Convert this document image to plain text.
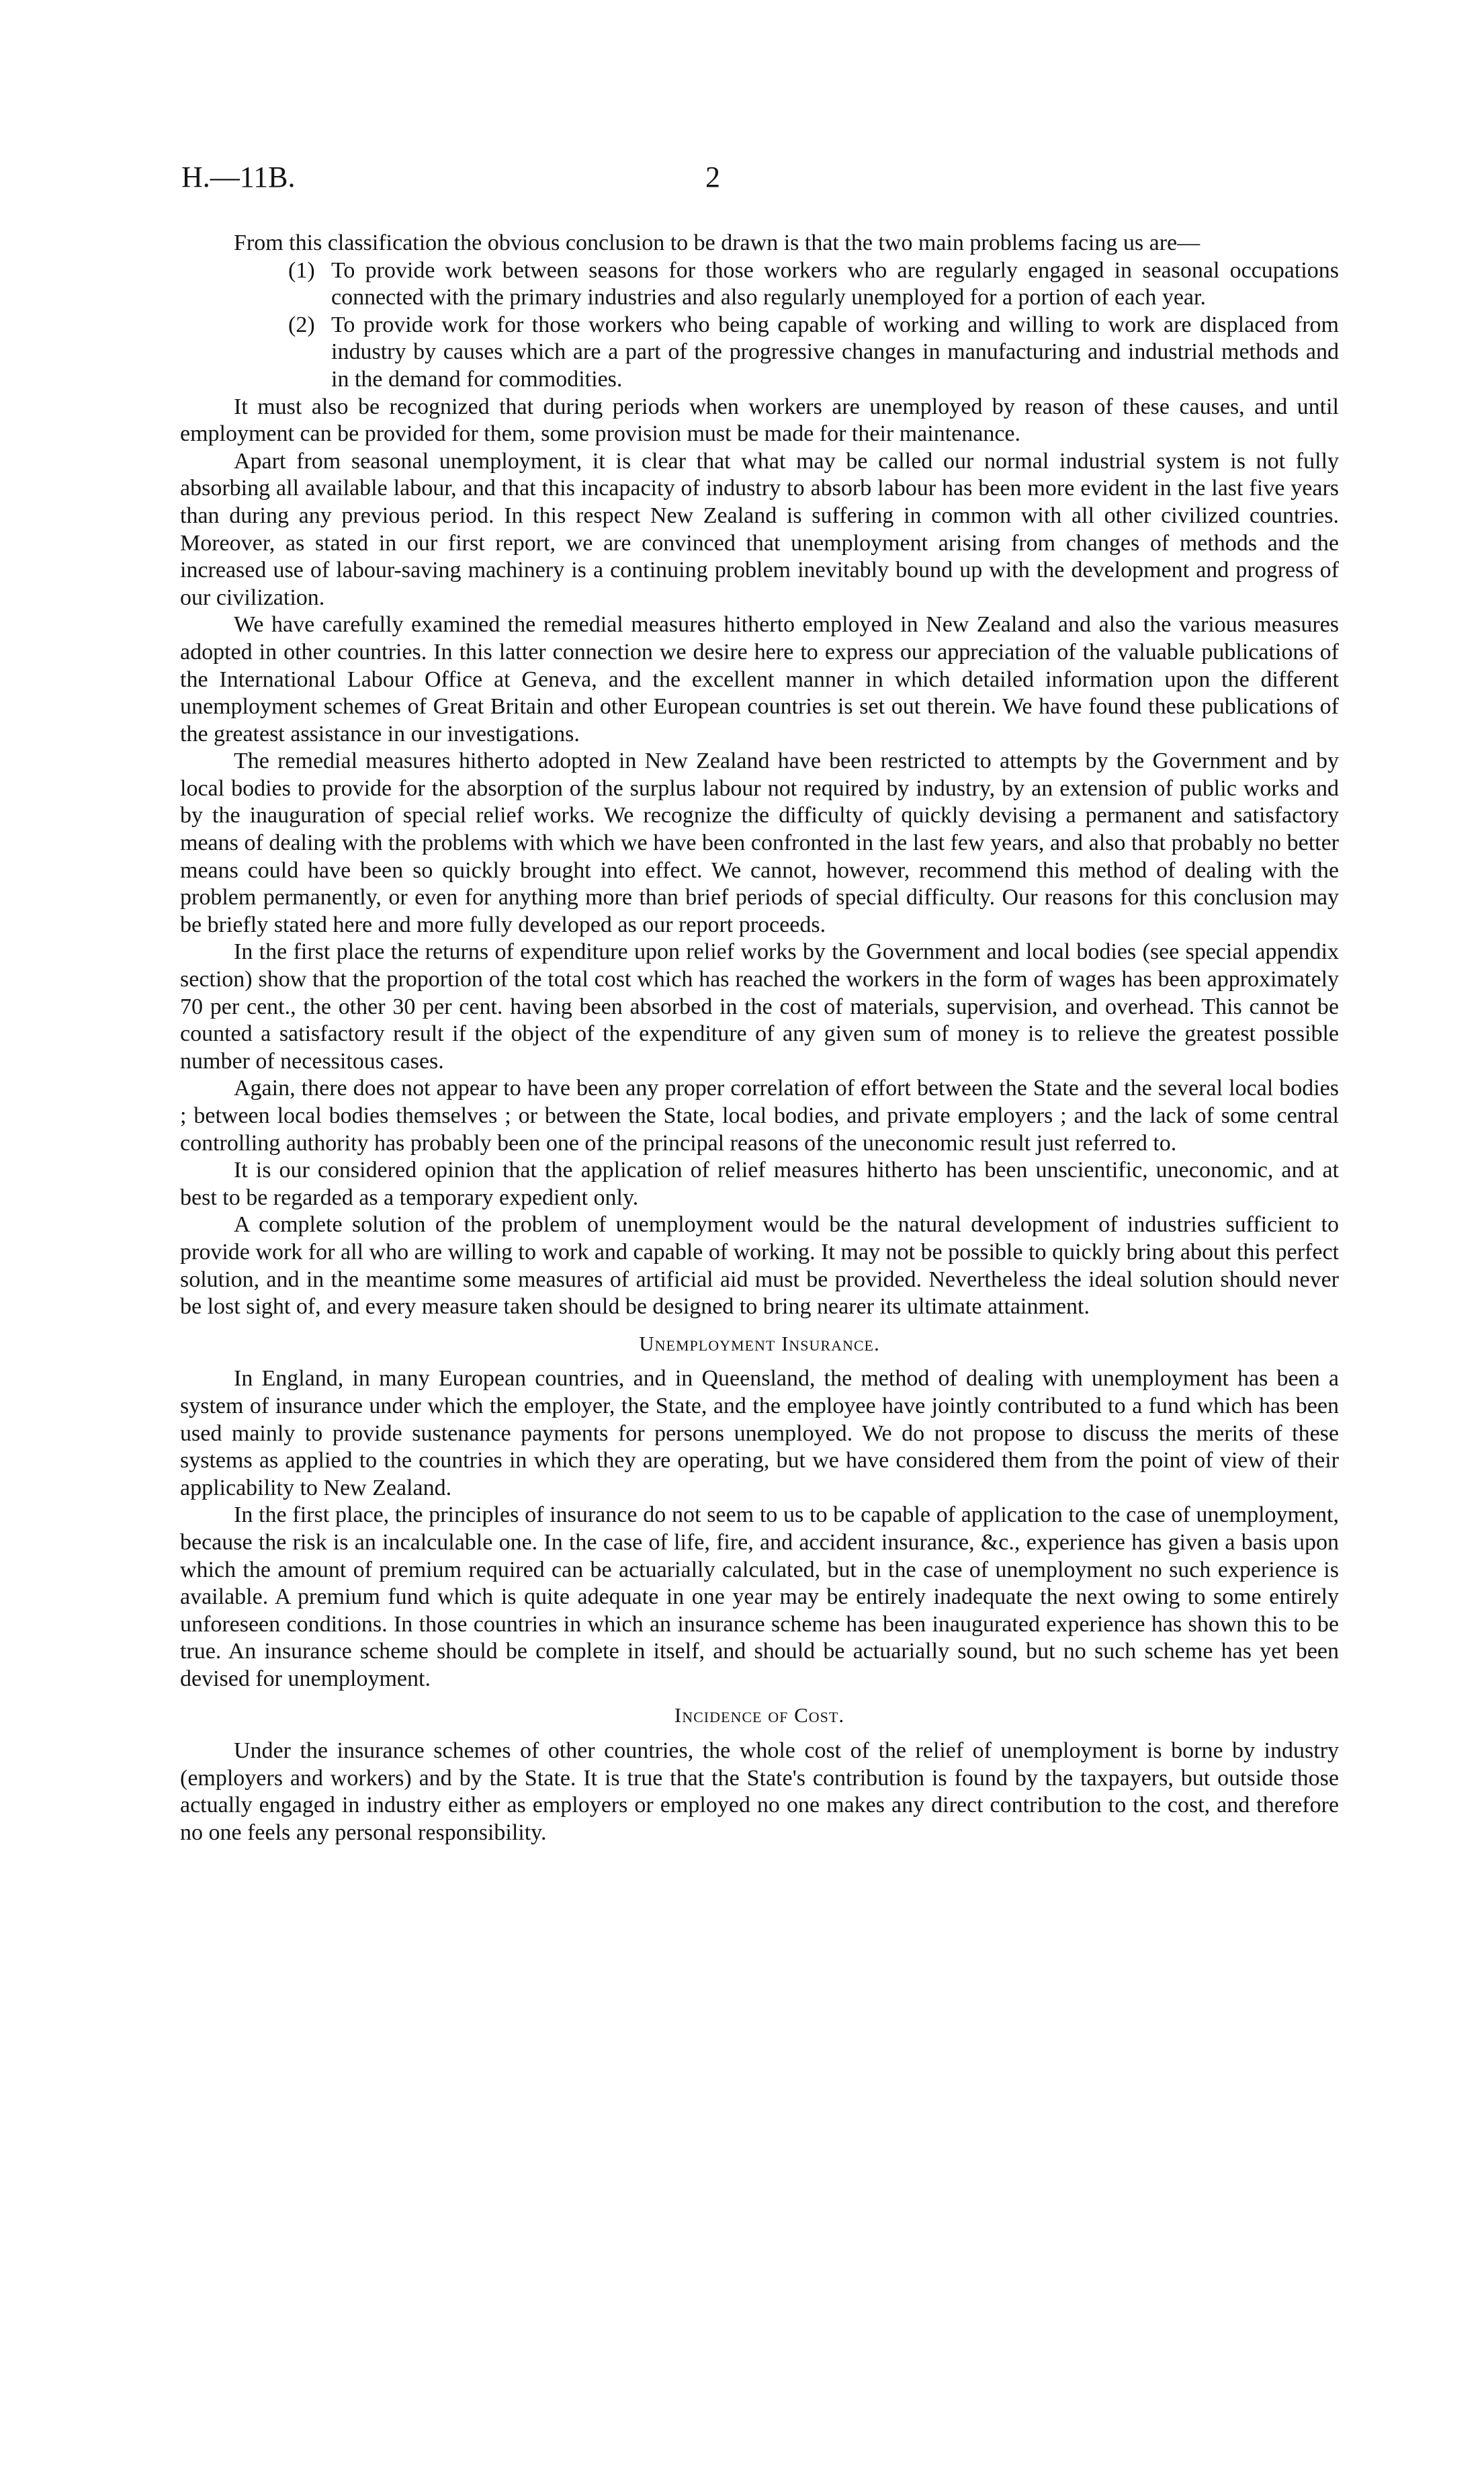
H.—11B.	2

From this classification the obvious conclusion to be drawn is that the two main problems facing us are—

(1) To provide work between seasons for those workers who are regularly engaged in seasonal occupations connected with the primary industries and also regularly unemployed for a portion of each year.

(2) To provide work for those workers who being capable of working and willing to work are displaced from industry by causes which are a part of the progressive changes in manufacturing and industrial methods and in the demand for commodities.

It must also be recognized that during periods when workers are unemployed by reason of these causes, and until employment can be provided for them, some provision must be made for their maintenance.

Apart from seasonal unemployment, it is clear that what may be called our normal industrial system is not fully absorbing all available labour, and that this incapacity of industry to absorb labour has been more evident in the last five years than during any previous period. In this respect New Zealand is suffering in common with all other civilized countries. Moreover, as stated in our first report, we are convinced that unemployment arising from changes of methods and the increased use of labour-saving machinery is a continuing problem inevitably bound up with the development and progress of our civilization.

We have carefully examined the remedial measures hitherto employed in New Zealand and also the various measures adopted in other countries. In this latter connection we desire here to express our appreciation of the valuable publications of the International Labour Office at Geneva, and the excellent manner in which detailed information upon the different unemployment schemes of Great Britain and other European countries is set out therein. We have found these publications of the greatest assistance in our investigations.

The remedial measures hitherto adopted in New Zealand have been restricted to attempts by the Government and by local bodies to provide for the absorption of the surplus labour not required by industry, by an extension of public works and by the inauguration of special relief works. We recognize the difficulty of quickly devising a permanent and satisfactory means of dealing with the problems with which we have been confronted in the last few years, and also that probably no better means could have been so quickly brought into effect. We cannot, however, recommend this method of dealing with the problem permanently, or even for anything more than brief periods of special difficulty. Our reasons for this conclusion may be briefly stated here and more fully developed as our report proceeds.

In the first place the returns of expenditure upon relief works by the Government and local bodies (see special appendix section) show that the proportion of the total cost which has reached the workers in the form of wages has been approximately 70 per cent., the other 30 per cent. having been absorbed in the cost of materials, supervision, and overhead. This cannot be counted a satisfactory result if the object of the expenditure of any given sum of money is to relieve the greatest possible number of necessitous cases.

Again, there does not appear to have been any proper correlation of effort between the State and the several local bodies ; between local bodies themselves ; or between the State, local bodies, and private employers ; and the lack of some central controlling authority has probably been one of the principal reasons of the uneconomic result just referred to.

It is our considered opinion that the application of relief measures hitherto has been unscientific, uneconomic, and at best to be regarded as a temporary expedient only.

A complete solution of the problem of unemployment would be the natural development of industries sufficient to provide work for all who are willing to work and capable of working. It may not be possible to quickly bring about this perfect solution, and in the meantime some measures of artificial aid must be provided. Nevertheless the ideal solution should never be lost sight of, and every measure taken should be designed to bring nearer its ultimate attainment.

Unemployment Insurance.

In England, in many European countries, and in Queensland, the method of dealing with unemployment has been a system of insurance under which the employer, the State, and the employee have jointly contributed to a fund which has been used mainly to provide sustenance payments for persons unemployed. We do not propose to discuss the merits of these systems as applied to the countries in which they are operating, but we have considered them from the point of view of their applicability to New Zealand.

In the first place, the principles of insurance do not seem to us to be capable of application to the case of unemployment, because the risk is an incalculable one. In the case of life, fire, and accident insurance, &c., experience has given a basis upon which the amount of premium required can be actuarially calculated, but in the case of unemployment no such experience is available. A premium fund which is quite adequate in one year may be entirely inadequate the next owing to some entirely unforeseen conditions. In those countries in which an insurance scheme has been inaugurated experience has shown this to be true. An insurance scheme should be complete in itself, and should be actuarially sound, but no such scheme has yet been devised for unemployment.

Incidence of Cost.

Under the insurance schemes of other countries, the whole cost of the relief of unemployment is borne by industry (employers and workers) and by the State. It is true that the State's contribution is found by the taxpayers, but outside those actually engaged in industry either as employers or employed no one makes any direct contribution to the cost, and therefore no one feels any personal responsibility.
